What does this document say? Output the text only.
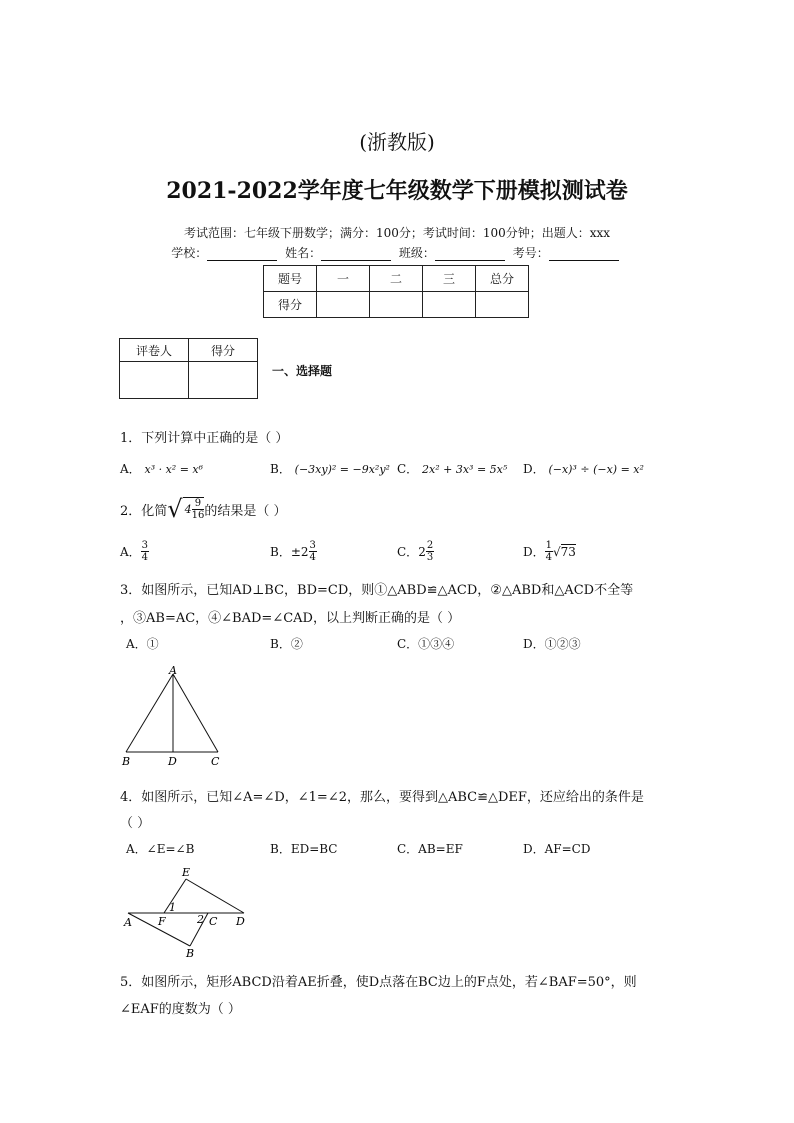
(浙教版)
2021-2022学年度七年级数学下册模拟测试卷
考试范围：七年级下册数学；满分：100分；考试时间：100分钟；出题人：xxx
学校：	姓名：	班级：	考号：
题号	一	二	三	总分
得分				
评卷人	得分

一、选择题
1．下列计算中正确的是（ ）
A． x³ · x² = x⁶	B． (−3xy)² = −9x²y² C． 2x² + 3x³ = 5x⁵ D． (−x)³ ÷ (−x) = x²
2．化简 √ $4 \frac{9}{16}$ 的结果是（ ）
A． $\frac{3}{4}$	B． $\pm 2 \frac{3}{4}$	C． $2 \frac{2}{3}$	D． $\frac{1}{4}$ √ 73
3．如图所示，已知AD⊥BC，BD=CD，则①△ABD≌△ACD，②△ABD和△ACD不全等
，③AB=AC，④∠BAD=∠CAD，以上判断正确的是（ ）
A．①	B．②	C．①③④	D．①②③
A
B	D	C
4．如图所示，已知∠A=∠D，∠1=∠2，那么，要得到△ABC≌△DEF，还应给出的条件是
（ ）
A．∠E=∠B	B．ED=BC	C．AB=EF	D．AF=CD
E
A F
1
2 C D
B
5．如图所示，矩形ABCD沿着AE折叠，使D点落在BC边上的F点处，若∠BAF=50°，则
∠EAF的度数为（ ）
